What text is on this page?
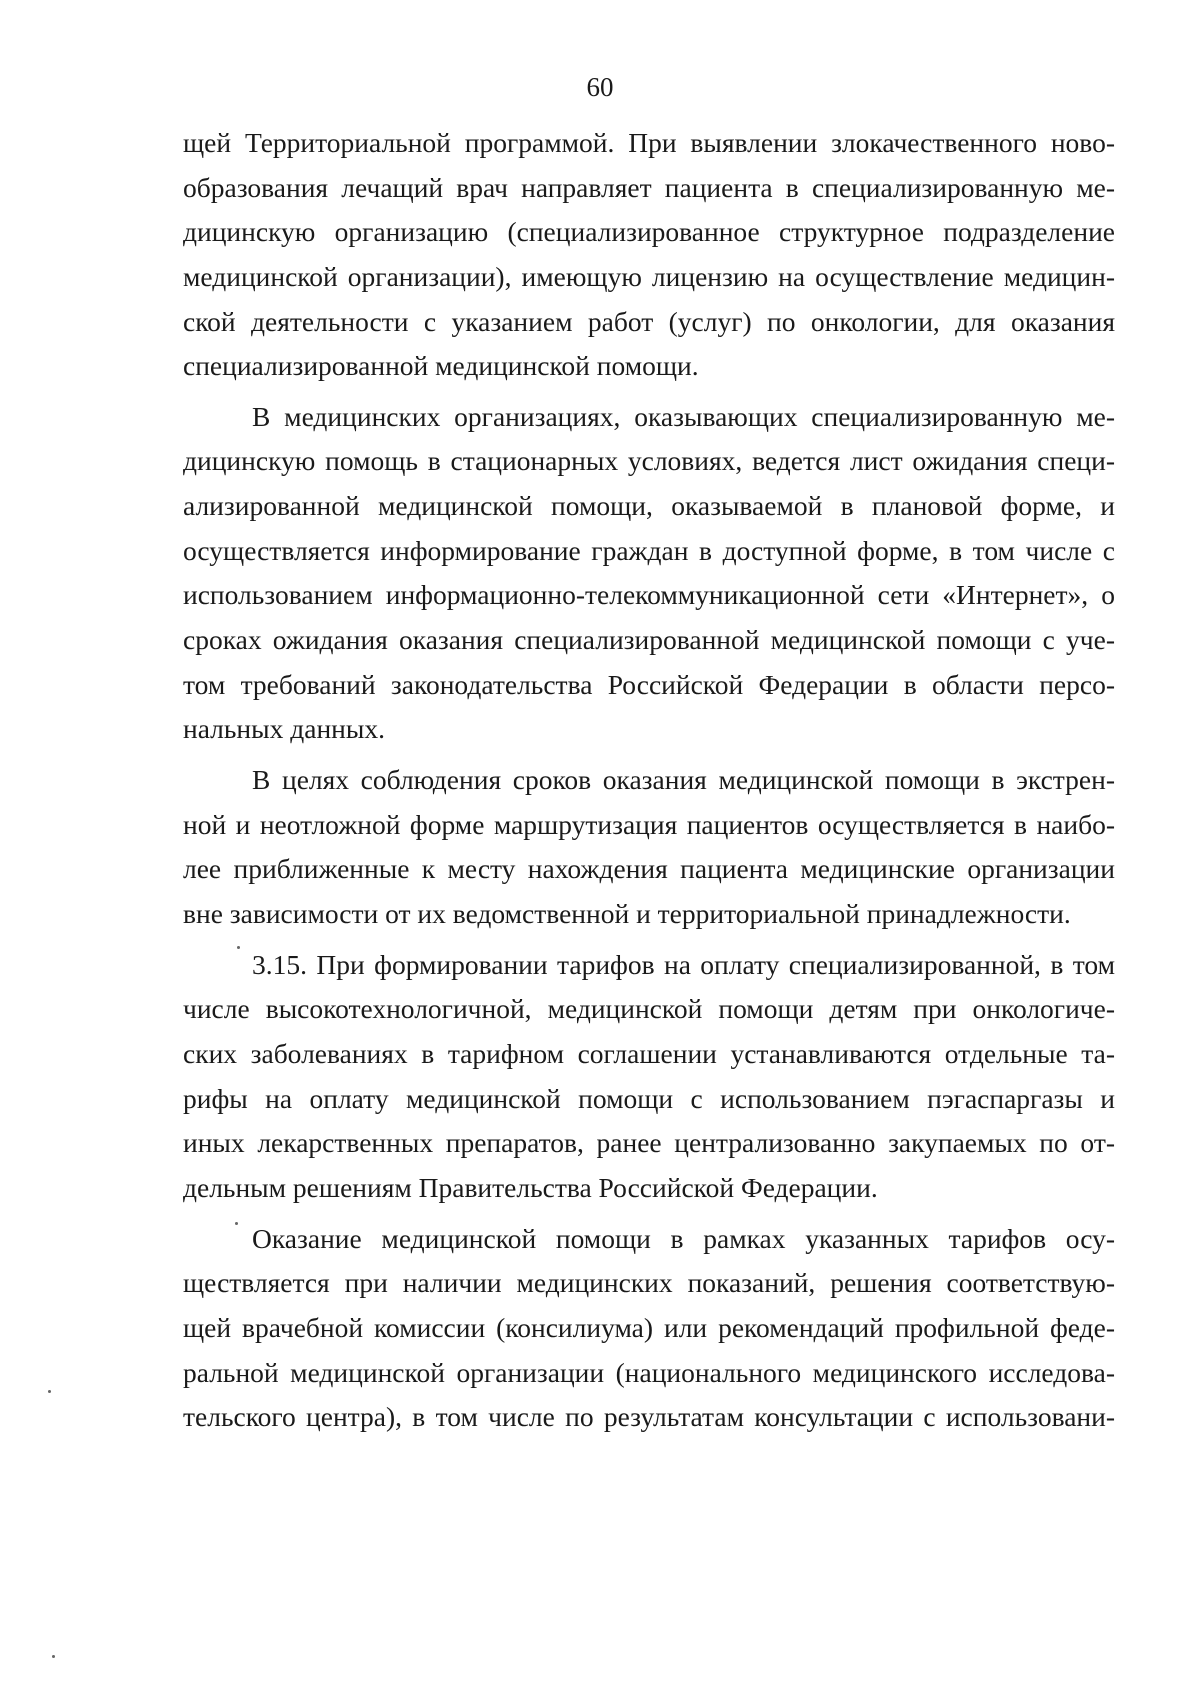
60
щей Территориальной программой. При выявлении злокачественного ново-
образования лечащий врач направляет пациента в специализированную ме-
дицинскую организацию (специализированное структурное подразделение
медицинской организации), имеющую лицензию на осуществление медицин-
ской деятельности с указанием работ (услуг) по онкологии, для оказания
специализированной медицинской помощи.
В медицинских организациях, оказывающих специализированную ме-
дицинскую помощь в стационарных условиях, ведется лист ожидания специ-
ализированной медицинской помощи, оказываемой в плановой форме, и
осуществляется информирование граждан в доступной форме, в том числе с
использованием информационно-телекоммуникационной сети «Интернет», о
сроках ожидания оказания специализированной медицинской помощи с уче-
том требований законодательства Российской Федерации в области персо-
нальных данных.
В целях соблюдения сроков оказания медицинской помощи в экстрен-
ной и неотложной форме маршрутизация пациентов осуществляется в наибо-
лее приближенные к месту нахождения пациента медицинские организации
вне зависимости от их ведомственной и территориальной принадлежности.
3.15. При формировании тарифов на оплату специализированной, в том
числе высокотехнологичной, медицинской помощи детям при онкологиче-
ских заболеваниях в тарифном соглашении устанавливаются отдельные та-
рифы на оплату медицинской помощи с использованием пэгаспаргазы и
иных лекарственных препаратов, ранее централизованно закупаемых по от-
дельным решениям Правительства Российской Федерации.
Оказание медицинской помощи в рамках указанных тарифов осу-
ществляется при наличии медицинских показаний, решения соответствую-
щей врачебной комиссии (консилиума) или рекомендаций профильной феде-
ральной медицинской организации (национального медицинского исследова-
тельского центра), в том числе по результатам консультации с использовани-
